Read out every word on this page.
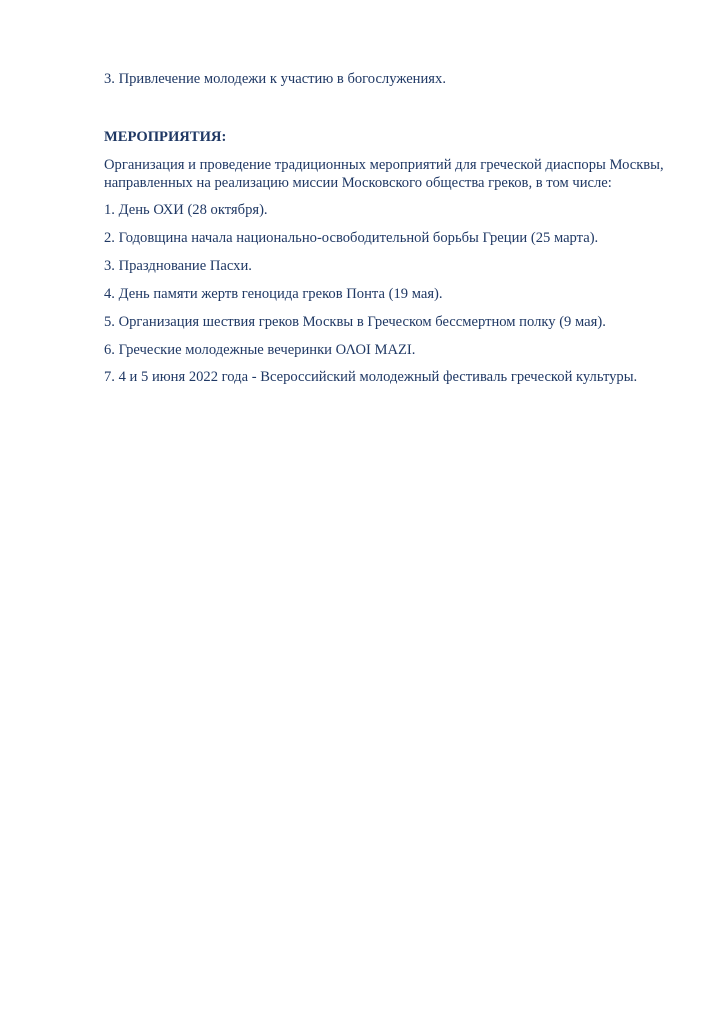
3. Привлечение молодежи к участию в богослужениях.
МЕРОПРИЯТИЯ:
Организация и проведение традиционных мероприятий для греческой диаспоры Москвы,
направленных на реализацию миссии Московского общества греков, в том числе:
1. День ОХИ (28 октября).
2. Годовщина начала национально-освободительной борьбы Греции (25 марта).
3. Празднование Пасхи.
4. День памяти жертв геноцида греков Понта (19 мая).
5. Организация шествия греков Москвы в Греческом бессмертном полку (9 мая).
6. Греческие молодежные вечеринки ΟΛΟΙ MAZI.
7. 4 и 5 июня 2022 года - Всероссийский молодежный фестиваль греческой культуры.
